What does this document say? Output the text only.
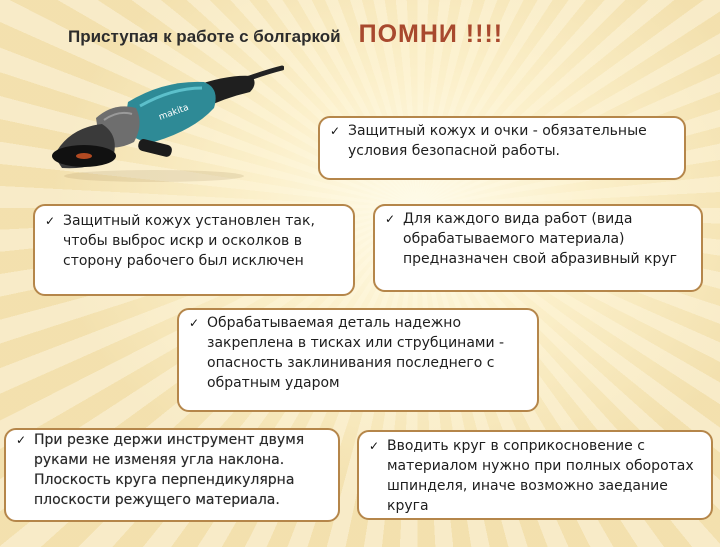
Приступая к работе с болгаркой ПОМНИ !!!!
makita
✓ Защитный кожух и очки - обязательные условия безопасной работы.
✓ Защитный кожух установлен так, чтобы выброс искр и осколков в сторону рабочего был исключен
✓ Для каждого вида работ (вида обрабатываемого материала) предназначен свой абразивный круг
✓ Обрабатываемая деталь надежно закреплена в тисках или струбцинами - опасность заклинивания последнего с обратным ударом
✓ При резке держи инструмент двумя руками не изменяя угла наклона. Плоскость круга перпендикулярна плоскости режущего материала.
✓ Вводить круг в соприкосновение с материалом нужно при полных оборотах шпинделя, иначе возможно заедание круга
